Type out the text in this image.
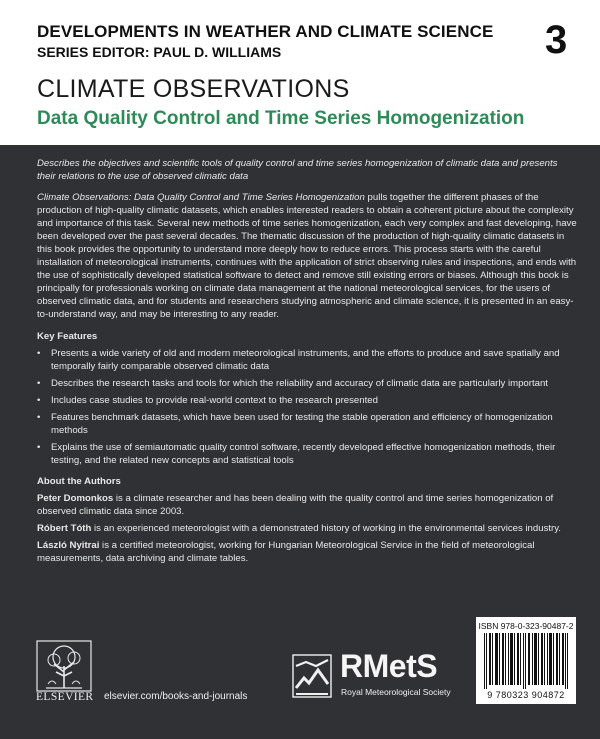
DEVELOPMENTS IN WEATHER AND CLIMATE SCIENCE
SERIES EDITOR: PAUL D. WILLIAMS	3
CLIMATE OBSERVATIONS
Data Quality Control and Time Series Homogenization

Describes the objectives and scientific tools of quality control and time series homogenization of climatic data and presents their relations to the use of observed climatic data

Climate Observations: Data Quality Control and Time Series Homogenization pulls together the different phases of the production of high-quality climatic datasets, which enables interested readers to obtain a coherent picture about the complexity and importance of this task. Several new methods of time series homogenization, each very complex and fast developing, have been developed over the past several decades. The thematic discussion of the production of high-quality climatic datasets in this book provides the opportunity to understand more deeply how to reduce errors. This process starts with the careful installation of meteorological instruments, continues with the application of strict observing rules and inspections, and ends with the use of sophistically developed statistical software to detect and remove still existing errors or biases. Although this book is principally for professionals working on climate data management at the national meteorological services, for the users of observed climatic data, and for students and researchers studying atmospheric and climate science, it is presented in an easy-to-understand way, and may be interesting to any reader.

Key Features
• Presents a wide variety of old and modern meteorological instruments, and the efforts to produce and save spatially and temporally fairly comparable observed climatic data
• Describes the research tasks and tools for which the reliability and accuracy of climatic data are particularly important
• Includes case studies to provide real-world context to the research presented
• Features benchmark datasets, which have been used for testing the stable operation and efficiency of homogenization methods
• Explains the use of semiautomatic quality control software, recently developed effective homogenization methods, their testing, and the related new concepts and statistical tools
About the Authors

Peter Domonkos is a climate researcher and has been dealing with the quality control and time series homogenization of observed climatic data since 2003.

Róbert Tóth is an experienced meteorologist with a demonstrated history of working in the environmental services industry.

László Nyitrai is a certified meteorologist, working for Hungarian Meteorological Service in the field of meteorological measurements, data archiving and climate tables.

ELSEVIER elsevier.com/books-and-journals
RMetS
Royal Meteorological Society
ISBN 978-0-323-90487-2
9 780323 904872
